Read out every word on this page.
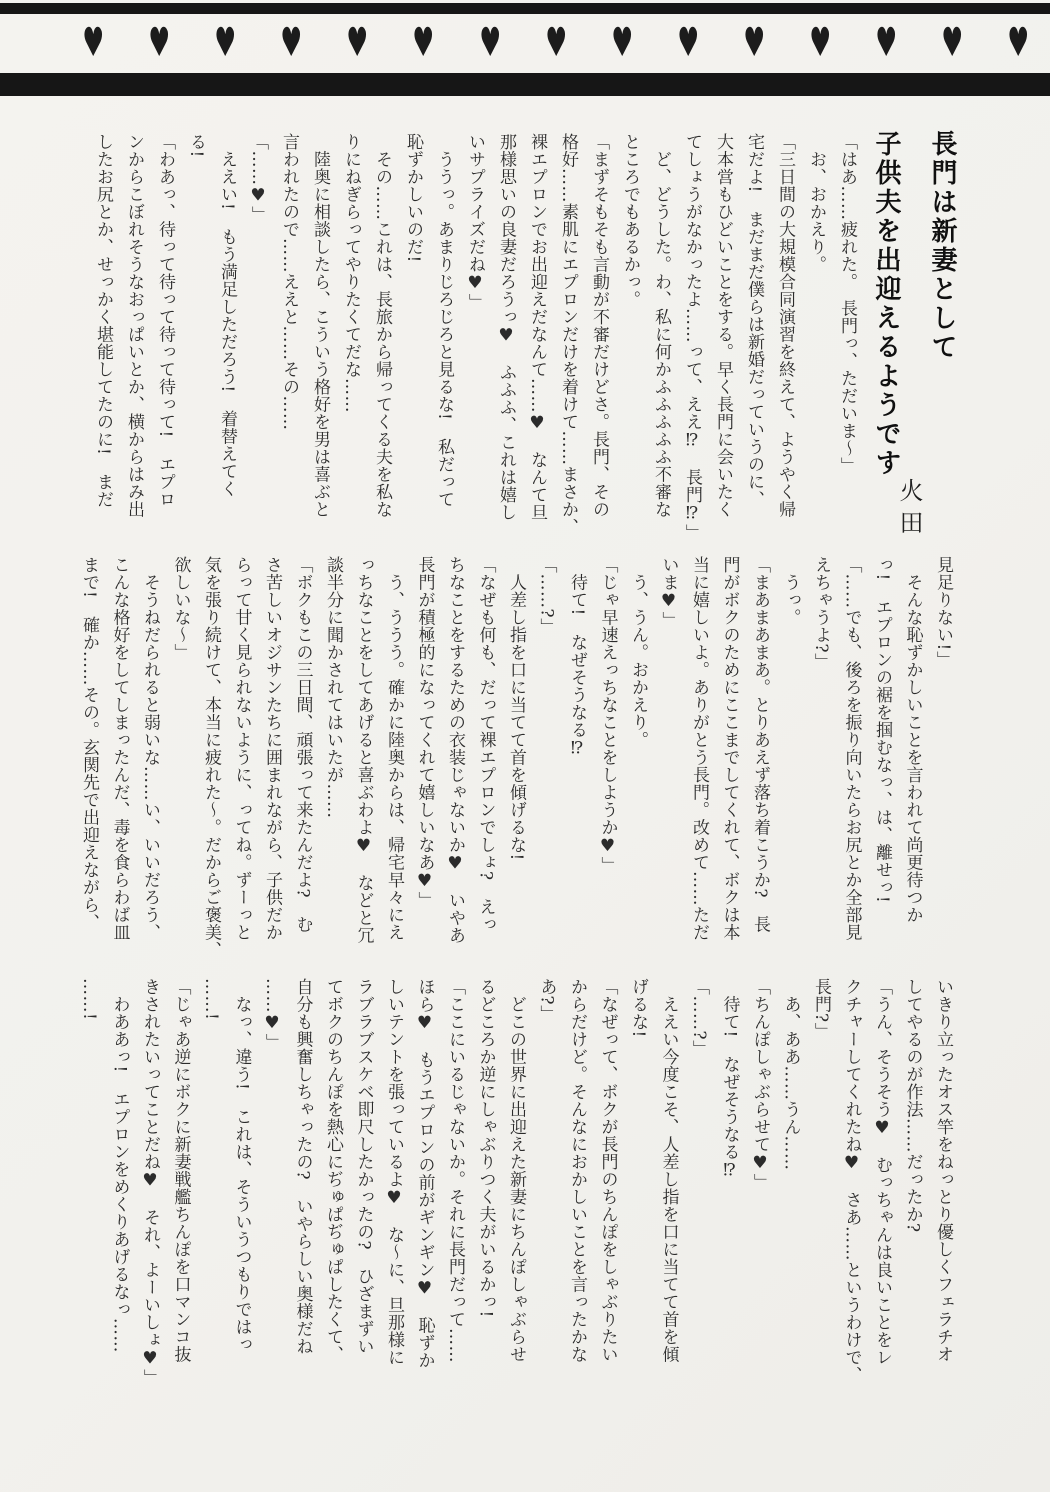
♥ ♥ ♥ ♥ ♥ ♥ ♥ ♥ ♥ ♥ ♥ ♥ ♥ ♥ ♥
長門は新妻として
子供夫を出迎えるようです
火田
「はあ……疲れた。　長門っ、ただいま〜」
　お、おかえり。
「三日間の大規模合同演習を終えて、ようやく帰
宅だよ!　まだまだ僕らは新婚だっていうのに、
大本営もひどいことをする。早く長門に会いたく
てしょうがなかったよ……って、ええ⁉　長門⁉」
　ど、どうした。わ、私に何かふふふふふ不審な
ところでもあるかっ。
「まずそもそも言動が不審だけどさ。長門、その
格好……素肌にエプロンだけを着けて……まさか、
裸エプロンでお出迎えだなんて……♥　なんて旦
那様思いの良妻だろうっ♥　ふふふ、これは嬉し
いサプライズだね♥」
　ううっ。あまりじろじろと見るな!　私だって
恥ずかしいのだ!
　その……これは、長旅から帰ってくる夫を私な
りにねぎらってやりたくてだな……
　陸奥に相談したら、こういう格好を男は喜ぶと
言われたので……ええと……その……
「……♥」
　ええい!　もう満足しただろう!　着替えてく
る!
「わあっ、待って待って待って待って!　エプロ
ンからこぼれそうなおっぱいとか、横からはみ出
したお尻とか、せっかく堪能してたのに!　まだ
見足りない!」
　そんな恥ずかしいことを言われて尚更待つか
っ!　エプロンの裾を掴むなっ、は、離せっ!
「……でも、後ろを振り向いたらお尻とか全部見
えちゃうよ?」
　うっ。
「まあまあまあ。とりあえず落ち着こうか?　長
門がボクのためにここまでしてくれて、ボクは本
当に嬉しいよ。ありがとう長門。改めて……ただ
いま♥」
　う、うん。おかえり。
「じゃ早速えっちなことをしようか♥」
　待て!　なぜそうなる⁉
「……?」
　人差し指を口に当てて首を傾げるな!
「なぜも何も、だって裸エプロンでしょ?　えっ
ちなことをするための衣装じゃないか♥　いやあ
長門が積極的になってくれて嬉しいなあ♥」
　う、ううう。確かに陸奥からは、帰宅早々にえ
っちなことをしてあげると喜ぶわよ♥　などと冗
談半分に聞かされてはいたが……
「ボクもこの三日間、頑張って来たんだよ?　む
さ苦しいオジサンたちに囲まれながら、子供だか
らって甘く見られないように、ってね。ずーっと
気を張り続けて、本当に疲れた〜。だからご褒美、
欲しいな〜」
　そうねだられると弱いな……い、いいだろう、
こんな格好をしてしまったんだ、毒を食らわば皿
まで!　確か……その。玄関先で出迎えながら、
いきり立ったオス竿をねっとり優しくフェラチオ
してやるのが作法……だったか?
「うん、そうそう♥　むっちゃんは良いことをレ
クチャーしてくれたね♥　さあ……というわけで、
長門?」
　あ、ああ……うん……
「ちんぽしゃぶらせて♥」
　待て!　なぜそうなる⁉
「……?」
　ええい今度こそ、人差し指を口に当てて首を傾
げるな!
「なぜって、ボクが長門のちんぽをしゃぶりたい
からだけど。そんなにおかしいことを言ったかな
あ?」
　どこの世界に出迎えた新妻にちんぽしゃぶらせ
るどころか逆にしゃぶりつく夫がいるかっ!
「ここにいるじゃないか。それに長門だって……
ほら♥　もうエプロンの前がギンギン♥　恥ずか
しいテントを張っているよ♥　な〜に、旦那様に
ラブラブスケベ即尺したかったの?　ひざまずい
てボクのちんぽを熱心にぢゅぱぢゅぱしたくて、
自分も興奮しちゃったの?　いやらしい奥様だね
……♥」
　なっ、違う!　これは、そういうつもりではっ
……!
「じゃあ逆にボクに新妻戦艦ちんぽを口マンコ抜
きされたいってことだね♥　それ、よーいしょ♥」
　わああっ!　エプロンをめくりあげるなっ……
……!
